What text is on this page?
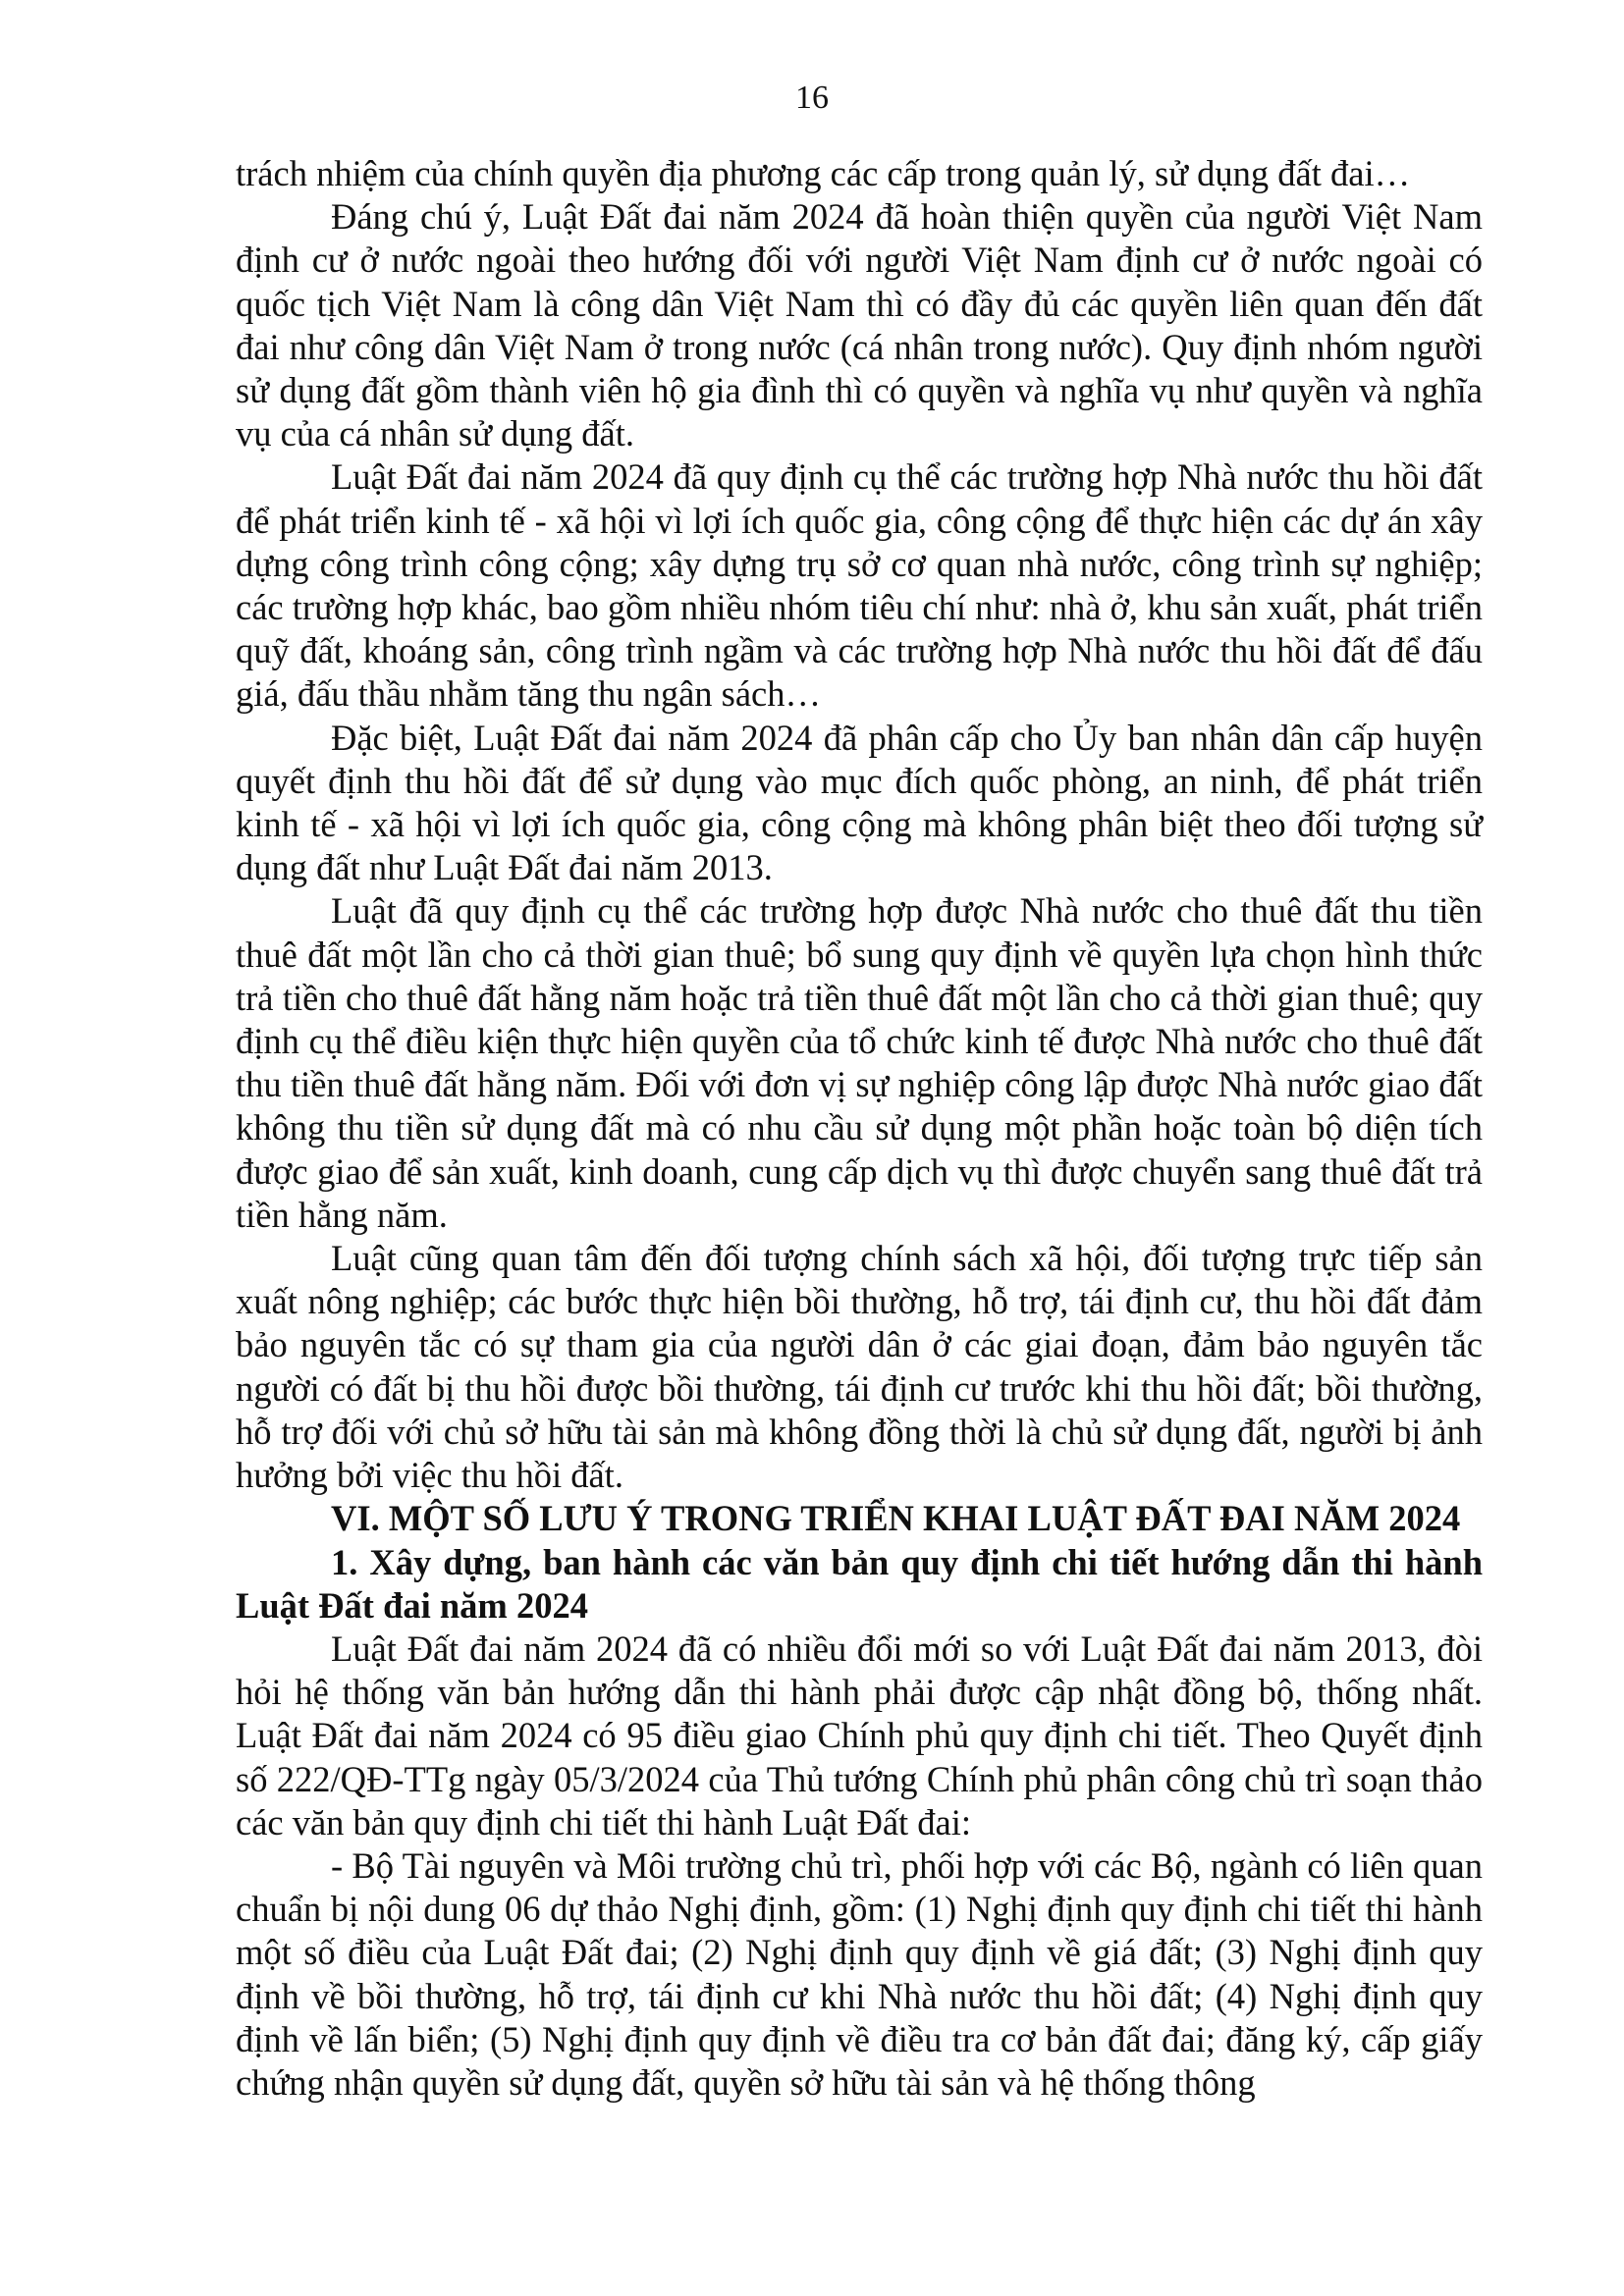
16

trách nhiệm của chính quyền địa phương các cấp trong quản lý, sử dụng đất đai…

Đáng chú ý, Luật Đất đai năm 2024 đã hoàn thiện quyền của người Việt Nam định cư ở nước ngoài theo hướng đối với người Việt Nam định cư ở nước ngoài có quốc tịch Việt Nam là công dân Việt Nam thì có đầy đủ các quyền liên quan đến đất đai như công dân Việt Nam ở trong nước (cá nhân trong nước). Quy định nhóm người sử dụng đất gồm thành viên hộ gia đình thì có quyền và nghĩa vụ như quyền và nghĩa vụ của cá nhân sử dụng đất.

Luật Đất đai năm 2024 đã quy định cụ thể các trường hợp Nhà nước thu hồi đất để phát triển kinh tế - xã hội vì lợi ích quốc gia, công cộng để thực hiện các dự án xây dựng công trình công cộng; xây dựng trụ sở cơ quan nhà nước, công trình sự nghiệp; các trường hợp khác, bao gồm nhiều nhóm tiêu chí như: nhà ở, khu sản xuất, phát triển quỹ đất, khoáng sản, công trình ngầm và các trường hợp Nhà nước thu hồi đất để đấu giá, đấu thầu nhằm tăng thu ngân sách…

Đặc biệt, Luật Đất đai năm 2024 đã phân cấp cho Ủy ban nhân dân cấp huyện quyết định thu hồi đất để sử dụng vào mục đích quốc phòng, an ninh, để phát triển kinh tế - xã hội vì lợi ích quốc gia, công cộng mà không phân biệt theo đối tượng sử dụng đất như Luật Đất đai năm 2013.

Luật đã quy định cụ thể các trường hợp được Nhà nước cho thuê đất thu tiền thuê đất một lần cho cả thời gian thuê; bổ sung quy định về quyền lựa chọn hình thức trả tiền cho thuê đất hằng năm hoặc trả tiền thuê đất một lần cho cả thời gian thuê; quy định cụ thể điều kiện thực hiện quyền của tổ chức kinh tế được Nhà nước cho thuê đất thu tiền thuê đất hằng năm. Đối với đơn vị sự nghiệp công lập được Nhà nước giao đất không thu tiền sử dụng đất mà có nhu cầu sử dụng một phần hoặc toàn bộ diện tích được giao để sản xuất, kinh doanh, cung cấp dịch vụ thì được chuyển sang thuê đất trả tiền hằng năm.

Luật cũng quan tâm đến đối tượng chính sách xã hội, đối tượng trực tiếp sản xuất nông nghiệp; các bước thực hiện bồi thường, hỗ trợ, tái định cư, thu hồi đất đảm bảo nguyên tắc có sự tham gia của người dân ở các giai đoạn, đảm bảo nguyên tắc người có đất bị thu hồi được bồi thường, tái định cư trước khi thu hồi đất; bồi thường, hỗ trợ đối với chủ sở hữu tài sản mà không đồng thời là chủ sử dụng đất, người bị ảnh hưởng bởi việc thu hồi đất.

VI. MỘT SỐ LƯU Ý TRONG TRIỂN KHAI LUẬT ĐẤT ĐAI NĂM 2024

1. Xây dựng, ban hành các văn bản quy định chi tiết hướng dẫn thi hành Luật Đất đai năm 2024

Luật Đất đai năm 2024 đã có nhiều đổi mới so với Luật Đất đai năm 2013, đòi hỏi hệ thống văn bản hướng dẫn thi hành phải được cập nhật đồng bộ, thống nhất. Luật Đất đai năm 2024 có 95 điều giao Chính phủ quy định chi tiết. Theo Quyết định số 222/QĐ-TTg ngày 05/3/2024 của Thủ tướng Chính phủ phân công chủ trì soạn thảo các văn bản quy định chi tiết thi hành Luật Đất đai:

- Bộ Tài nguyên và Môi trường chủ trì, phối hợp với các Bộ, ngành có liên quan chuẩn bị nội dung 06 dự thảo Nghị định, gồm: (1) Nghị định quy định chi tiết thi hành một số điều của Luật Đất đai; (2) Nghị định quy định về giá đất; (3) Nghị định quy định về bồi thường, hỗ trợ, tái định cư khi Nhà nước thu hồi đất; (4) Nghị định quy định về lấn biển; (5) Nghị định quy định về điều tra cơ bản đất đai; đăng ký, cấp giấy chứng nhận quyền sử dụng đất, quyền sở hữu tài sản và hệ thống thông
